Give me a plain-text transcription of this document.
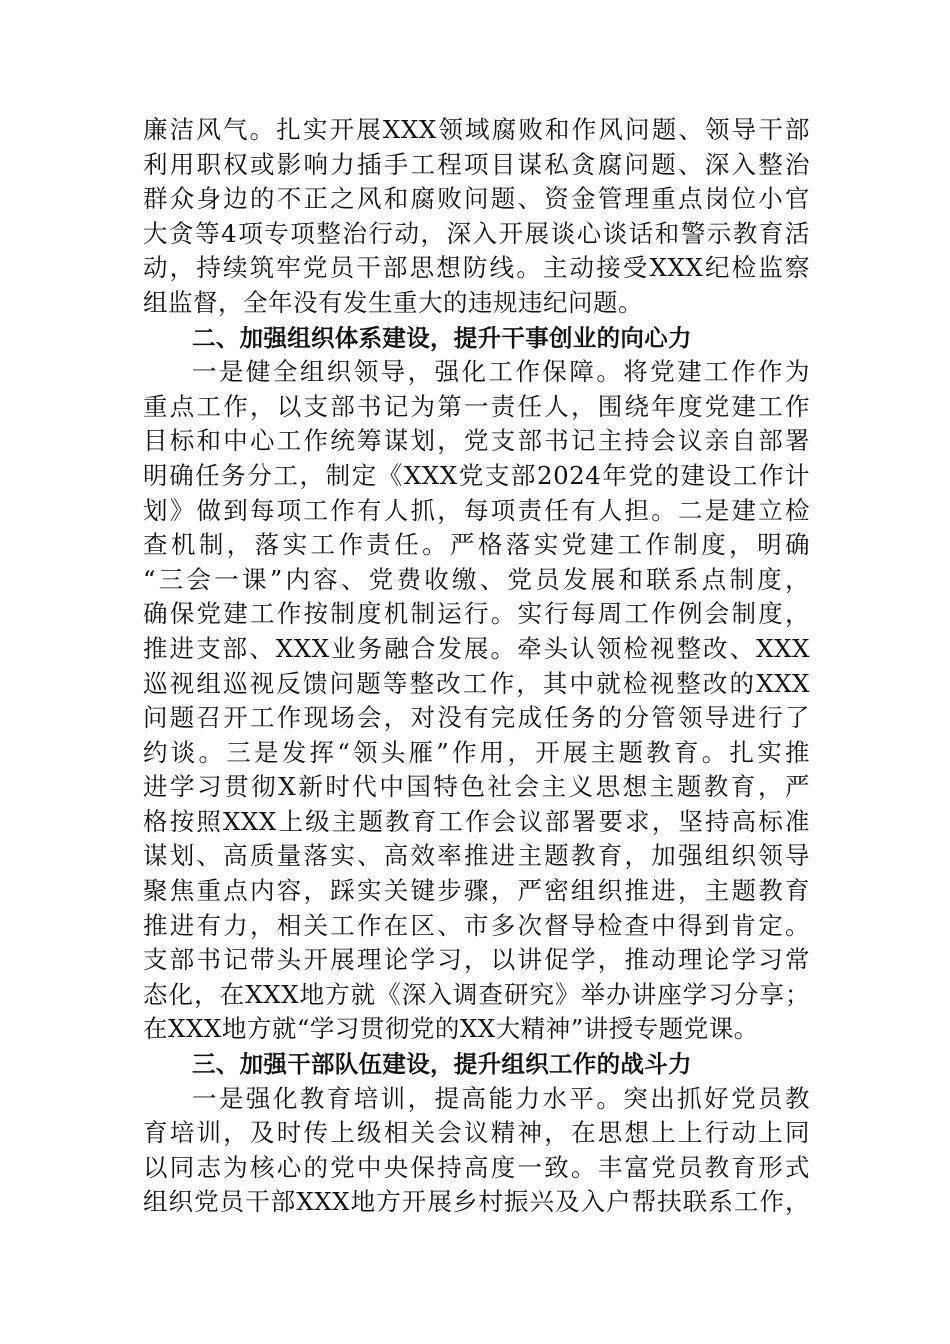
廉洁风气。扎实开展XXX领域腐败和作风问题、领导干部
利用职权或影响力插手工程项目谋私贪腐问题、深入整治
群众身边的不正之风和腐败问题、资金管理重点岗位小官
大贪等4项专项整治行动，深入开展谈心谈话和警示教育活
动，持续筑牢党员干部思想防线。主动接受XXX纪检监察
组监督，全年没有发生重大的违规违纪问题。
二、加强组织体系建设，提升干事创业的向心力
一是健全组织领导，强化工作保障。将党建工作作为
重点工作，以支部书记为第一责任人，围绕年度党建工作
目标和中心工作统筹谋划，党支部书记主持会议亲自部署
明确任务分工，制定《XXX党支部2024年党的建设工作计
划》做到每项工作有人抓，每项责任有人担。二是建立检
查机制，落实工作责任。严格落实党建工作制度，明确
“三会一课”内容、党费收缴、党员发展和联系点制度，
确保党建工作按制度机制运行。实行每周工作例会制度，
推进支部、XXX业务融合发展。牵头认领检视整改、XXX
巡视组巡视反馈问题等整改工作，其中就检视整改的XXX
问题召开工作现场会，对没有完成任务的分管领导进行了
约谈。三是发挥“领头雁”作用，开展主题教育。扎实推
进学习贯彻X新时代中国特色社会主义思想主题教育，严
格按照XXX上级主题教育工作会议部署要求，坚持高标准
谋划、高质量落实、高效率推进主题教育，加强组织领导
聚焦重点内容，踩实关键步骤，严密组织推进，主题教育
推进有力，相关工作在区、市多次督导检查中得到肯定。
支部书记带头开展理论学习，以讲促学，推动理论学习常
态化，在XXX地方就《深入调查研究》举办讲座学习分享；
在XXX地方就“学习贯彻党的XX大精神”讲授专题党课。
三、加强干部队伍建设，提升组织工作的战斗力
一是强化教育培训，提高能力水平。突出抓好党员教
育培训，及时传上级相关会议精神，在思想上上行动上同
以同志为核心的党中央保持高度一致。丰富党员教育形式
组织党员干部XXX地方开展乡村振兴及入户帮扶联系工作，
